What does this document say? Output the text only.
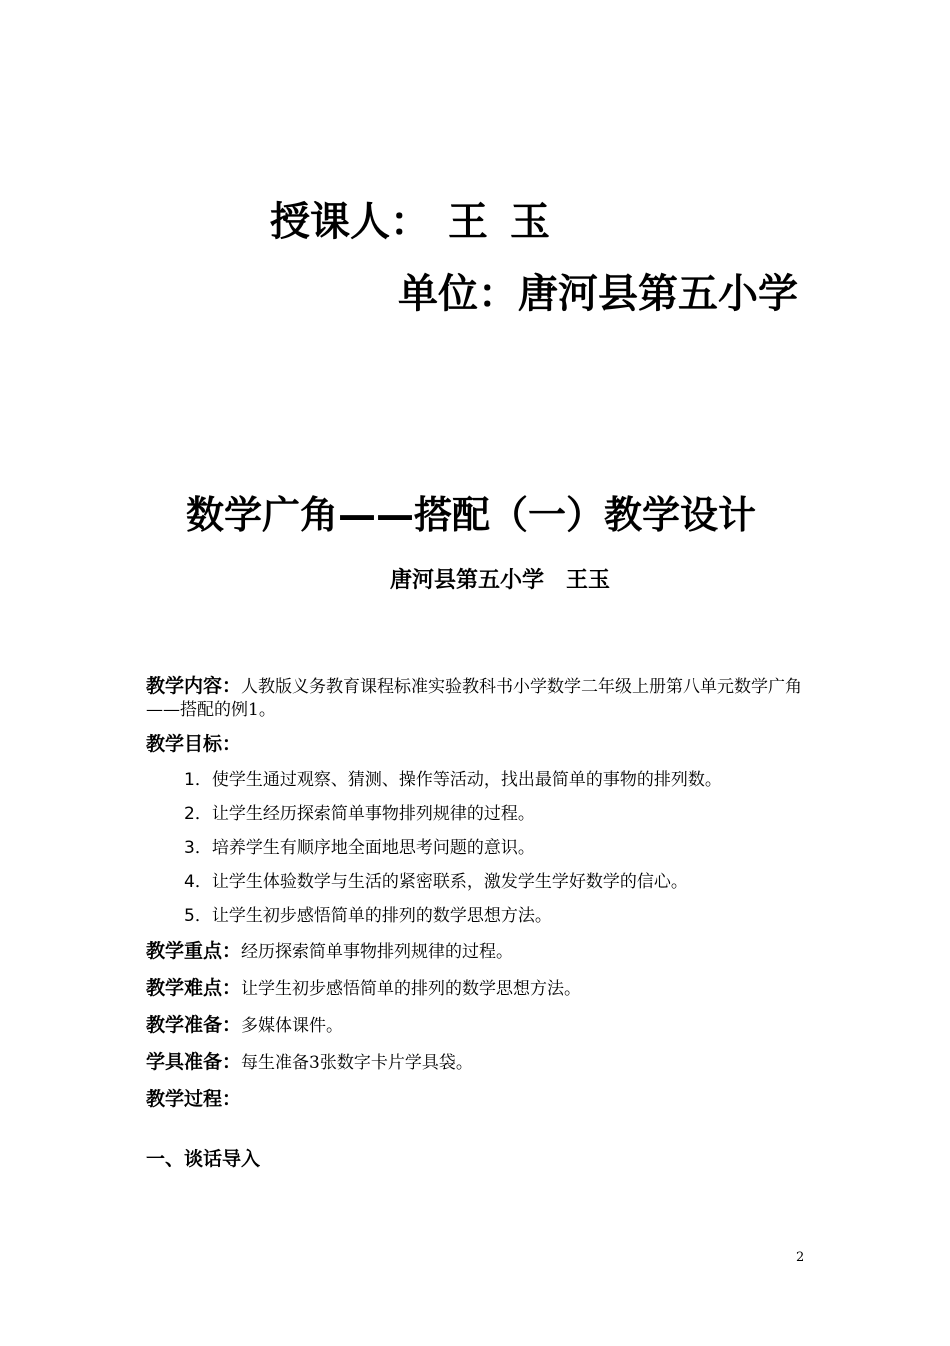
授课人： 王玉
单位：唐河县第五小学
数学广角——搭配（一）教学设计
唐河县第五小学 王玉

教学内容：人教版义务教育课程标准实验教科书小学数学二年级上册第八单元数学广角——搭配的例1。

教学目标：

1．使学生通过观察、猜测、操作等活动，找出最简单的事物的排列数。

2．让学生经历探索简单事物排列规律的过程。

3．培养学生有顺序地全面地思考问题的意识。

4．让学生体验数学与生活的紧密联系，激发学生学好数学的信心。

5．让学生初步感悟简单的排列的数学思想方法。

教学重点：经历探索简单事物排列规律的过程。
教学难点：让学生初步感悟简单的排列的数学思想方法。
教学准备：多媒体课件。
学具准备：每生准备3张数字卡片学具袋。
教学过程：
一、谈话导入
2
